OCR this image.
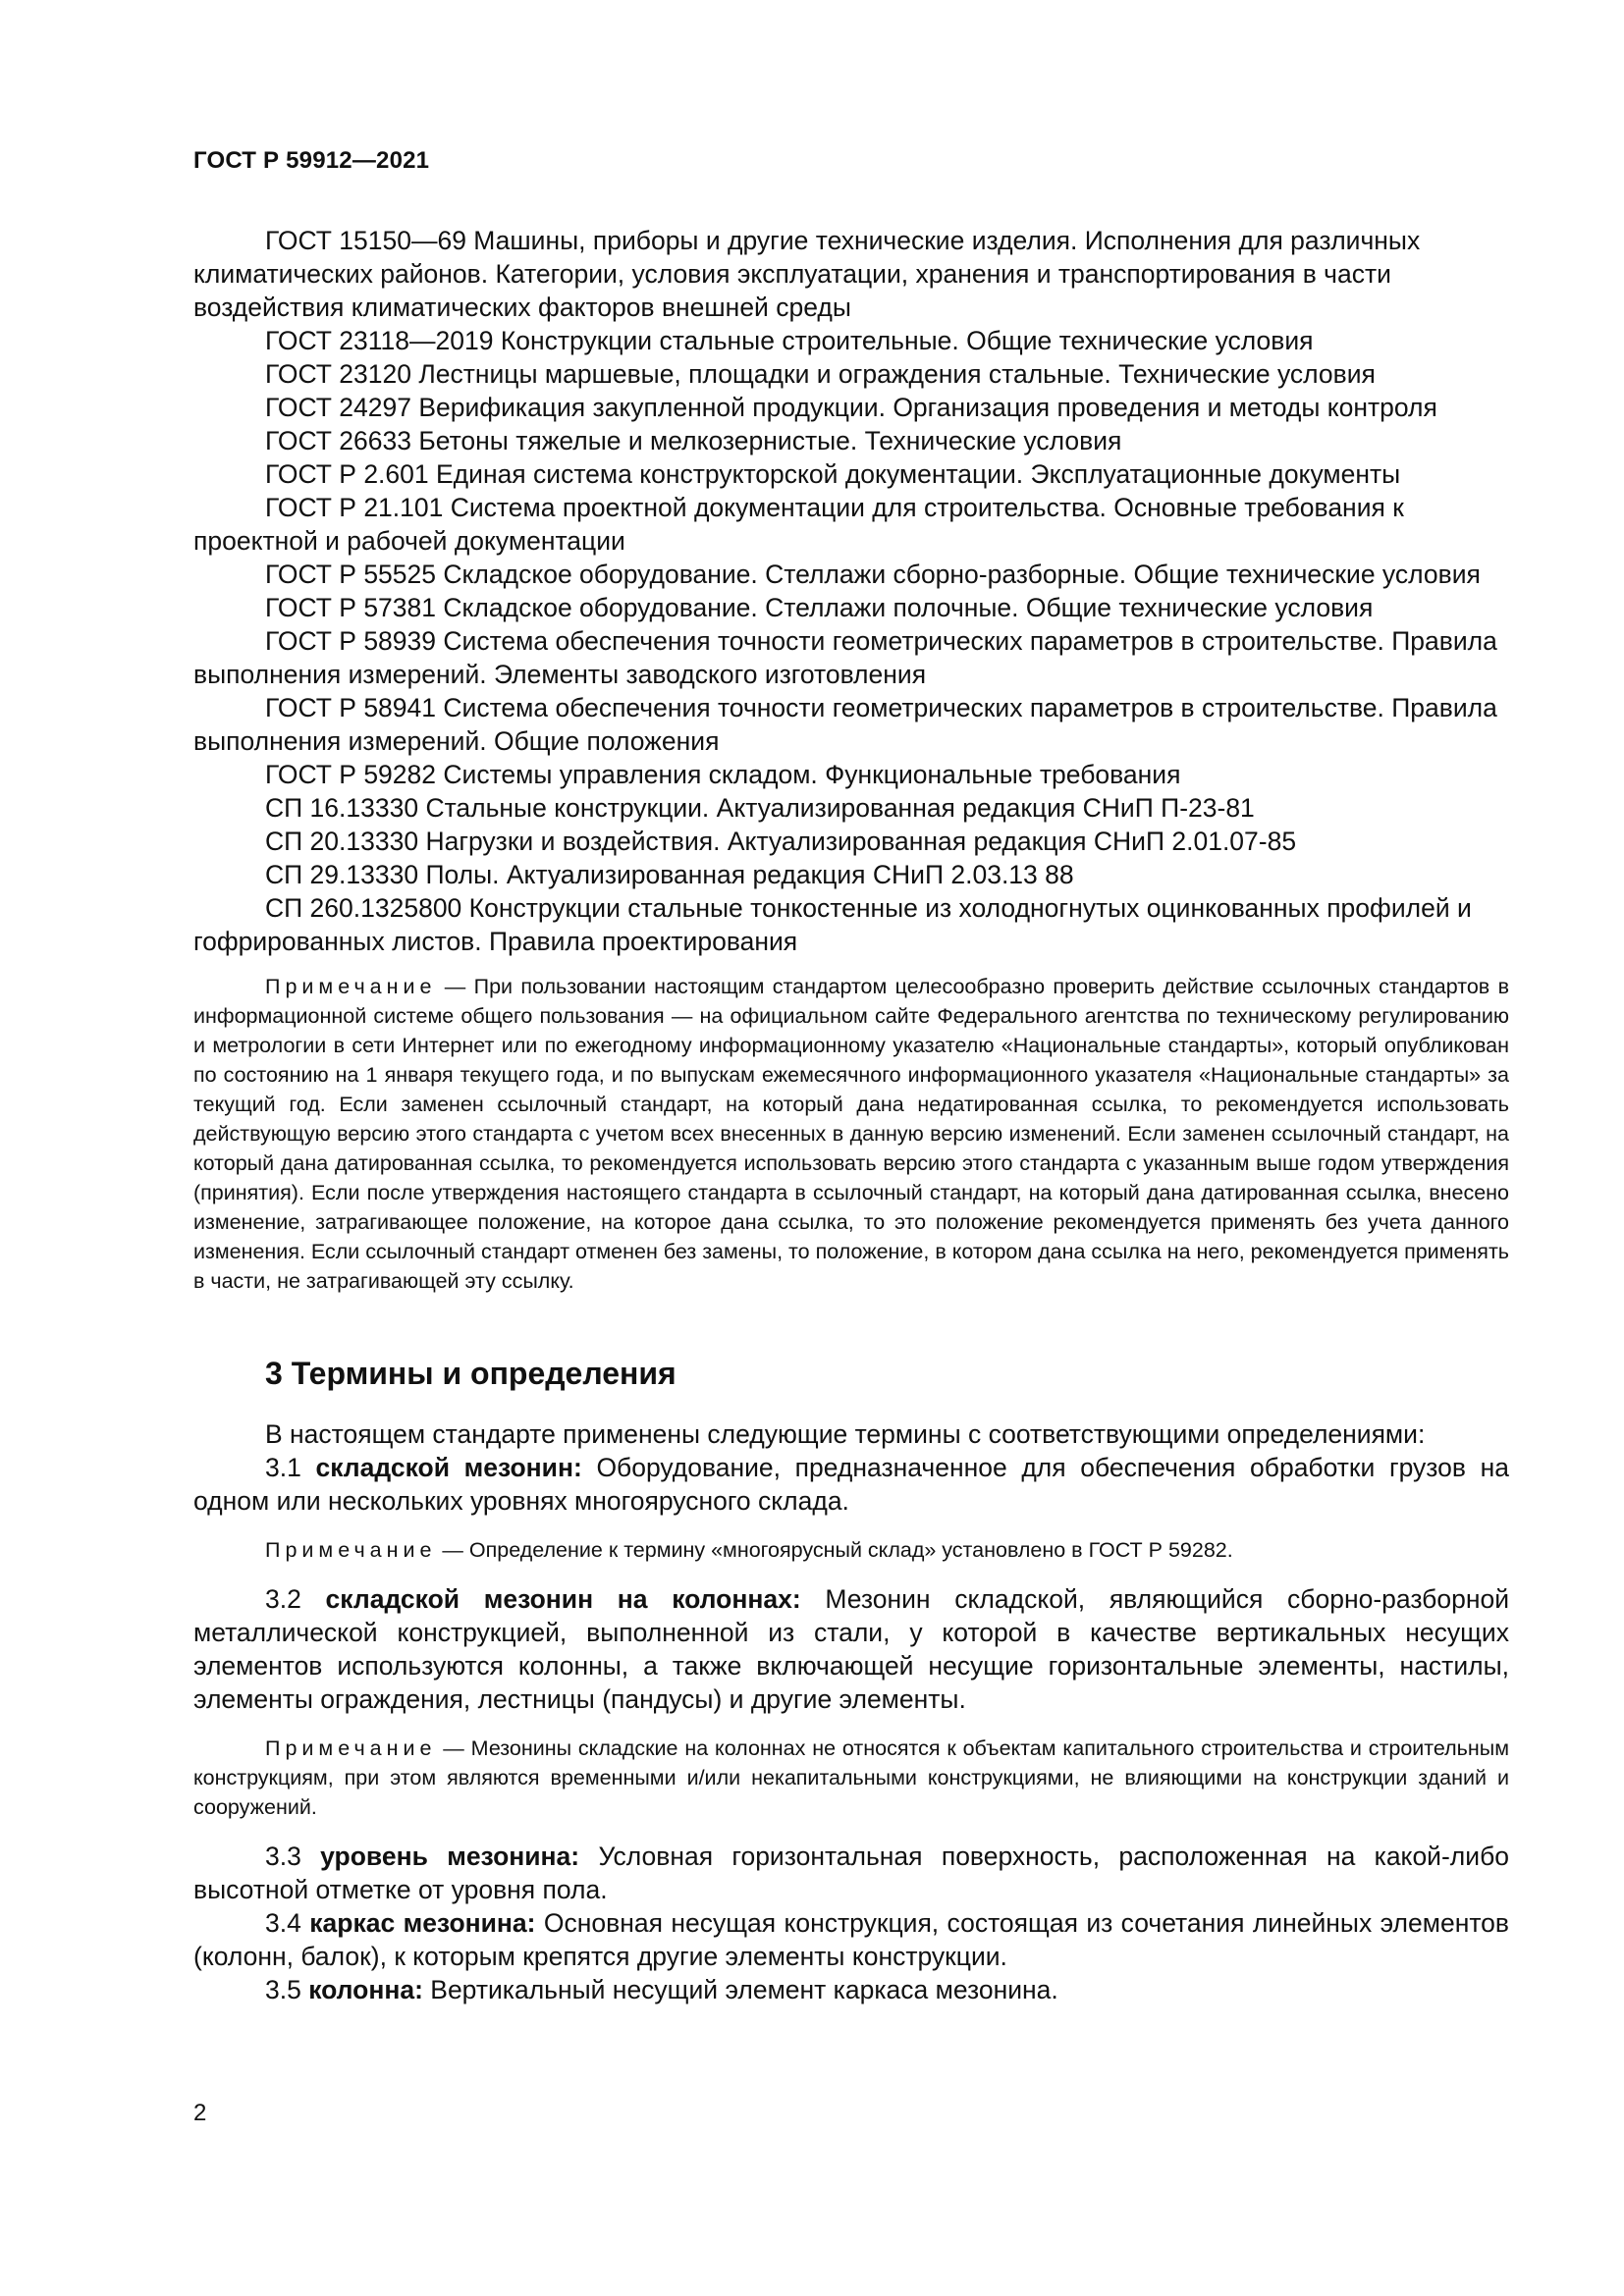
ГОСТ Р 59912—2021

ГОСТ 15150—69 Машины, приборы и другие технические изделия. Исполнения для различных климатических районов. Категории, условия эксплуатации, хранения и транспортирования в части воздействия климатических факторов внешней среды

ГОСТ 23118—2019 Конструкции стальные строительные. Общие технические условия

ГОСТ 23120 Лестницы маршевые, площадки и ограждения стальные. Технические условия

ГОСТ 24297 Верификация закупленной продукции. Организация проведения и методы контроля

ГОСТ 26633 Бетоны тяжелые и мелкозернистые. Технические условия

ГОСТ Р 2.601 Единая система конструкторской документации. Эксплуатационные документы

ГОСТ Р 21.101 Система проектной документации для строительства. Основные требования к проектной и рабочей документации

ГОСТ Р 55525 Складское оборудование. Стеллажи сборно-разборные. Общие технические условия

ГОСТ Р 57381 Складское оборудование. Стеллажи полочные. Общие технические условия

ГОСТ Р 58939 Система обеспечения точности геометрических параметров в строительстве. Правила выполнения измерений. Элементы заводского изготовления

ГОСТ Р 58941 Система обеспечения точности геометрических параметров в строительстве. Правила выполнения измерений. Общие положения

ГОСТ Р 59282 Системы управления складом. Функциональные требования

СП 16.13330 Стальные конструкции. Актуализированная редакция СНиП П-23-81

СП 20.13330 Нагрузки и воздействия. Актуализированная редакция СНиП 2.01.07-85

СП 29.13330 Полы. Актуализированная редакция СНиП 2.03.13 88

СП 260.1325800 Конструкции стальные тонкостенные из холодногнутых оцинкованных профилей и гофрированных листов. Правила проектирования

Примечание — При пользовании настоящим стандартом целесообразно проверить действие ссылочных стандартов в информационной системе общего пользования — на официальном сайте Федерального агентства по техническому регулированию и метрологии в сети Интернет или по ежегодному информационному указателю «Национальные стандарты», который опубликован по состоянию на 1 января текущего года, и по выпускам ежемесячного информационного указателя «Национальные стандарты» за текущий год. Если заменен ссылочный стандарт, на который дана недатированная ссылка, то рекомендуется использовать действующую версию этого стандарта с учетом всех внесенных в данную версию изменений. Если заменен ссылочный стандарт, на который дана датированная ссылка, то рекомендуется использовать версию этого стандарта с указанным выше годом утверждения (принятия). Если после утверждения настоящего стандарта в ссылочный стандарт, на который дана датированная ссылка, внесено изменение, затрагивающее положение, на которое дана ссылка, то это положение рекомендуется применять без учета данного изменения. Если ссылочный стандарт отменен без замены, то положение, в котором дана ссылка на него, рекомендуется применять в части, не затрагивающей эту ссылку.

3 Термины и определения

В настоящем стандарте применены следующие термины с соответствующими определениями:

3.1 складской мезонин: Оборудование, предназначенное для обеспечения обработки грузов на одном или нескольких уровнях многоярусного склада.

Примечание — Определение к термину «многоярусный склад» установлено в ГОСТ Р 59282.

3.2 складской мезонин на колоннах: Мезонин складской, являющийся сборно-разборной металлической конструкцией, выполненной из стали, у которой в качестве вертикальных несущих элементов используются колонны, а также включающей несущие горизонтальные элементы, настилы, элементы ограждения, лестницы (пандусы) и другие элементы.

Примечание — Мезонины складские на колоннах не относятся к объектам капитального строительства и строительным конструкциям, при этом являются временными и/или некапитальными конструкциями, не влияющими на конструкции зданий и сооружений.

3.3 уровень мезонина: Условная горизонтальная поверхность, расположенная на какой-либо высотной отметке от уровня пола.

3.4 каркас мезонина: Основная несущая конструкция, состоящая из сочетания линейных элементов (колонн, балок), к которым крепятся другие элементы конструкции.

3.5 колонна: Вертикальный несущий элемент каркаса мезонина.

2
